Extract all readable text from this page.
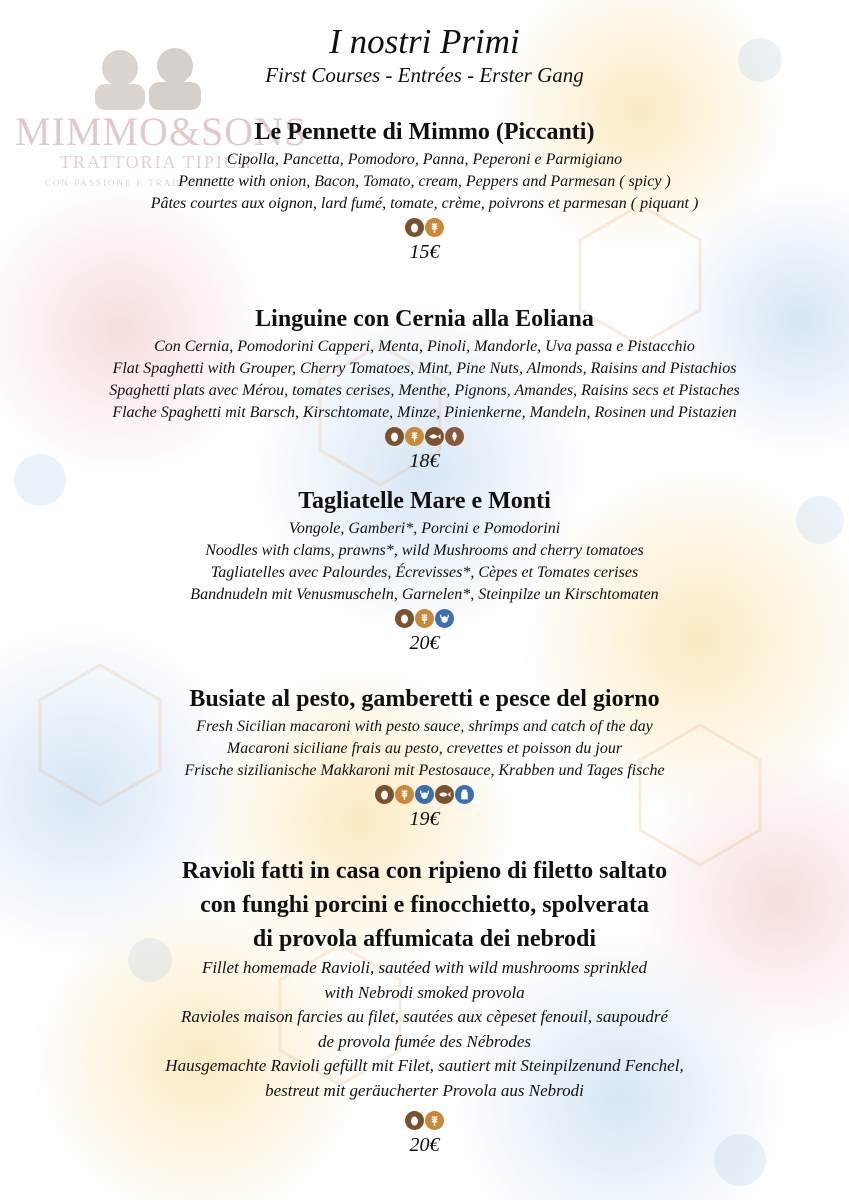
MIMMO&SONS
TRATTORIA TIPICA
CON PASSIONE E TRADIZIONE
I nostri Primi
First Courses - Entrées - Erster Gang
Le Pennette di Mimmo (Piccanti)
Cipolla, Pancetta, Pomodoro, Panna, Peperoni e Parmigiano
Pennette with onion, Bacon, Tomato, cream, Peppers and Parmesan ( spicy )
Pâtes courtes aux oignon, lard fumé, tomate, crème, poivrons et parmesan ( piquant )
15€
Linguine con Cernia alla Eoliana
Con Cernia, Pomodorini Capperi, Menta, Pinoli, Mandorle, Uva passa e Pistacchio
Flat Spaghetti with Grouper, Cherry Tomatoes, Mint, Pine Nuts, Almonds, Raisins and Pistachios
Spaghetti plats avec Mérou, tomates cerises, Menthe, Pignons, Amandes, Raisins secs et Pistaches
Flache Spaghetti mit Barsch, Kirschtomate, Minze, Pinienkerne, Mandeln, Rosinen und Pistazien
18€
Tagliatelle Mare e Monti
Vongole, Gamberi*, Porcini e Pomodorini
Noodles with clams, prawns*, wild Mushrooms and cherry tomatoes
Tagliatelles avec Palourdes, Écrevisses*, Cèpes et Tomates cerises
Bandnudeln mit Venusmuscheln, Garnelen*, Steinpilze un Kirschtomaten
20€
Busiate al pesto, gamberetti e pesce del giorno
Fresh Sicilian macaroni with pesto sauce, shrimps and catch of the day
Macaroni siciliane frais au pesto, crevettes et poisson du jour
Frische sizilianische Makkaroni mit Pestosauce, Krabben und Tages fische
19€
Ravioli fatti in casa con ripieno di filetto saltato
con funghi porcini e finocchietto, spolverata
di provola affumicata dei nebrodi
Fillet homemade Ravioli, sautéed with wild mushrooms sprinkled
with Nebrodi smoked provola
Ravioles maison farcies au filet, sautées aux cèpeset fenouil, saupoudré
de provola fumée des Nébrodes
Hausgemachte Ravioli gefüllt mit Filet, sautiert mit Steinpilzenund Fenchel,
bestreut mit geräucherter Provola aus Nebrodi
20€
